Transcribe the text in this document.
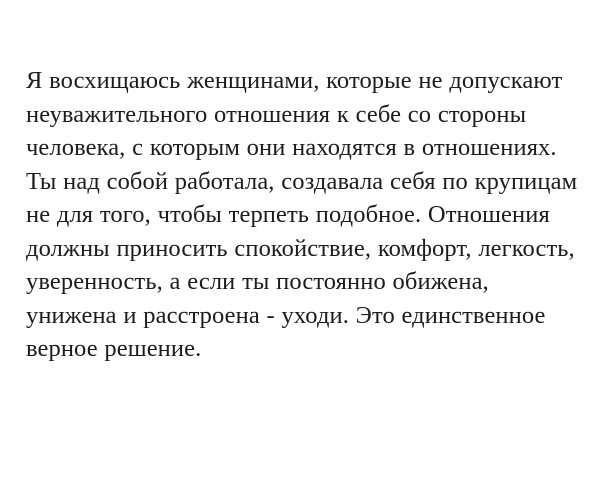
Я восхищаюсь женщинами, которые не допускают неуважительного отношения к себе со стороны человека, с которым они находятся в отношениях. Ты над собой работала, создавала себя по крупицам не для того, чтобы терпеть подобное. Отношения должны приносить спокойствие, комфорт, легкость, уверенность, а если ты постоянно обижена, унижена и расстроена - уходи. Это единственное верное решение.
